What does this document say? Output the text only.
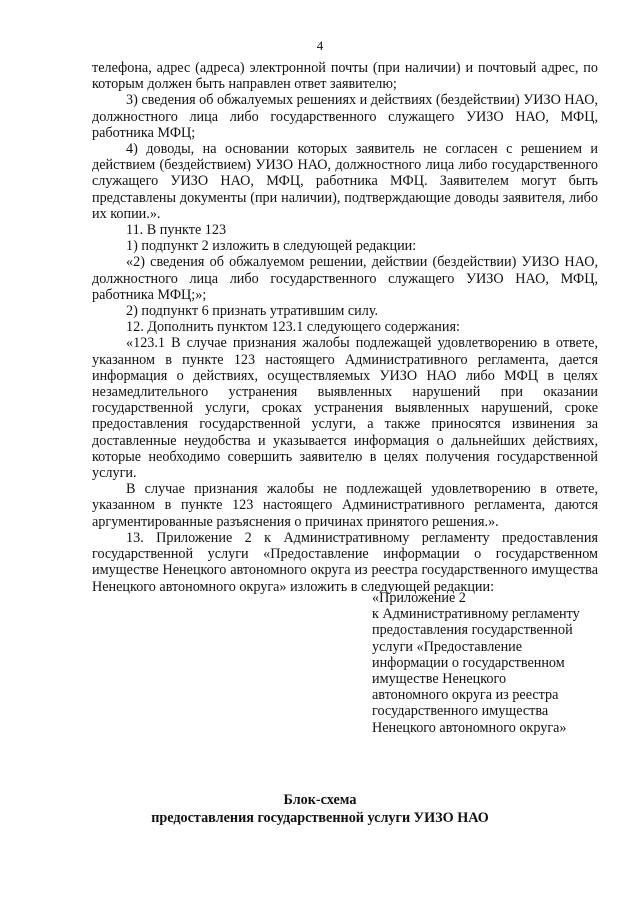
4

телефона, адрес (адреса) электронной почты (при наличии) и почтовый адрес, по которым должен быть направлен ответ заявителю;

3) сведения об обжалуемых решениях и действиях (бездействии) УИЗО НАО, должностного лица либо государственного служащего УИЗО НАО, МФЦ, работника МФЦ;

4) доводы, на основании которых заявитель не согласен с решением и действием (бездействием) УИЗО НАО, должностного лица либо государственного служащего УИЗО НАО, МФЦ, работника МФЦ. Заявителем могут быть представлены документы (при наличии), подтверждающие доводы заявителя, либо их копии.».

11. В пункте 123

1) подпункт 2 изложить в следующей редакции:

«2) сведения об обжалуемом решении, действии (бездействии) УИЗО НАО, должностного лица либо государственного служащего УИЗО НАО, МФЦ, работника МФЦ;»;

2) подпункт 6 признать утратившим силу.

12. Дополнить пунктом 123.1 следующего содержания:

«123.1 В случае признания жалобы подлежащей удовлетворению в ответе, указанном в пункте 123 настоящего Административного регламента, дается информация о действиях, осуществляемых УИЗО НАО либо МФЦ в целях незамедлительного устранения выявленных нарушений при оказании государственной услуги, сроках устранения выявленных нарушений, сроке предоставления государственной услуги, а также приносятся извинения за доставленные неудобства и указывается информация о дальнейших действиях, которые необходимо совершить заявителю в целях получения государственной услуги.

В случае признания жалобы не подлежащей удовлетворению в ответе, указанном в пункте 123 настоящего Административного регламента, даются аргументированные разъяснения о причинах принятого решения.».

13. Приложение 2 к Административному регламенту предоставления государственной услуги «Предоставление информации о государственном имуществе Ненецкого автономного округа из реестра государственного имущества Ненецкого автономного округа» изложить в следующей редакции:

«Приложение 2
к Административному регламенту
предоставления государственной
услуги «Предоставление
информации о государственном
имуществе Ненецкого
автономного округа из реестра
государственного имущества
Ненецкого автономного округа»
Блок-схема
предоставления государственной услуги УИЗО НАО
